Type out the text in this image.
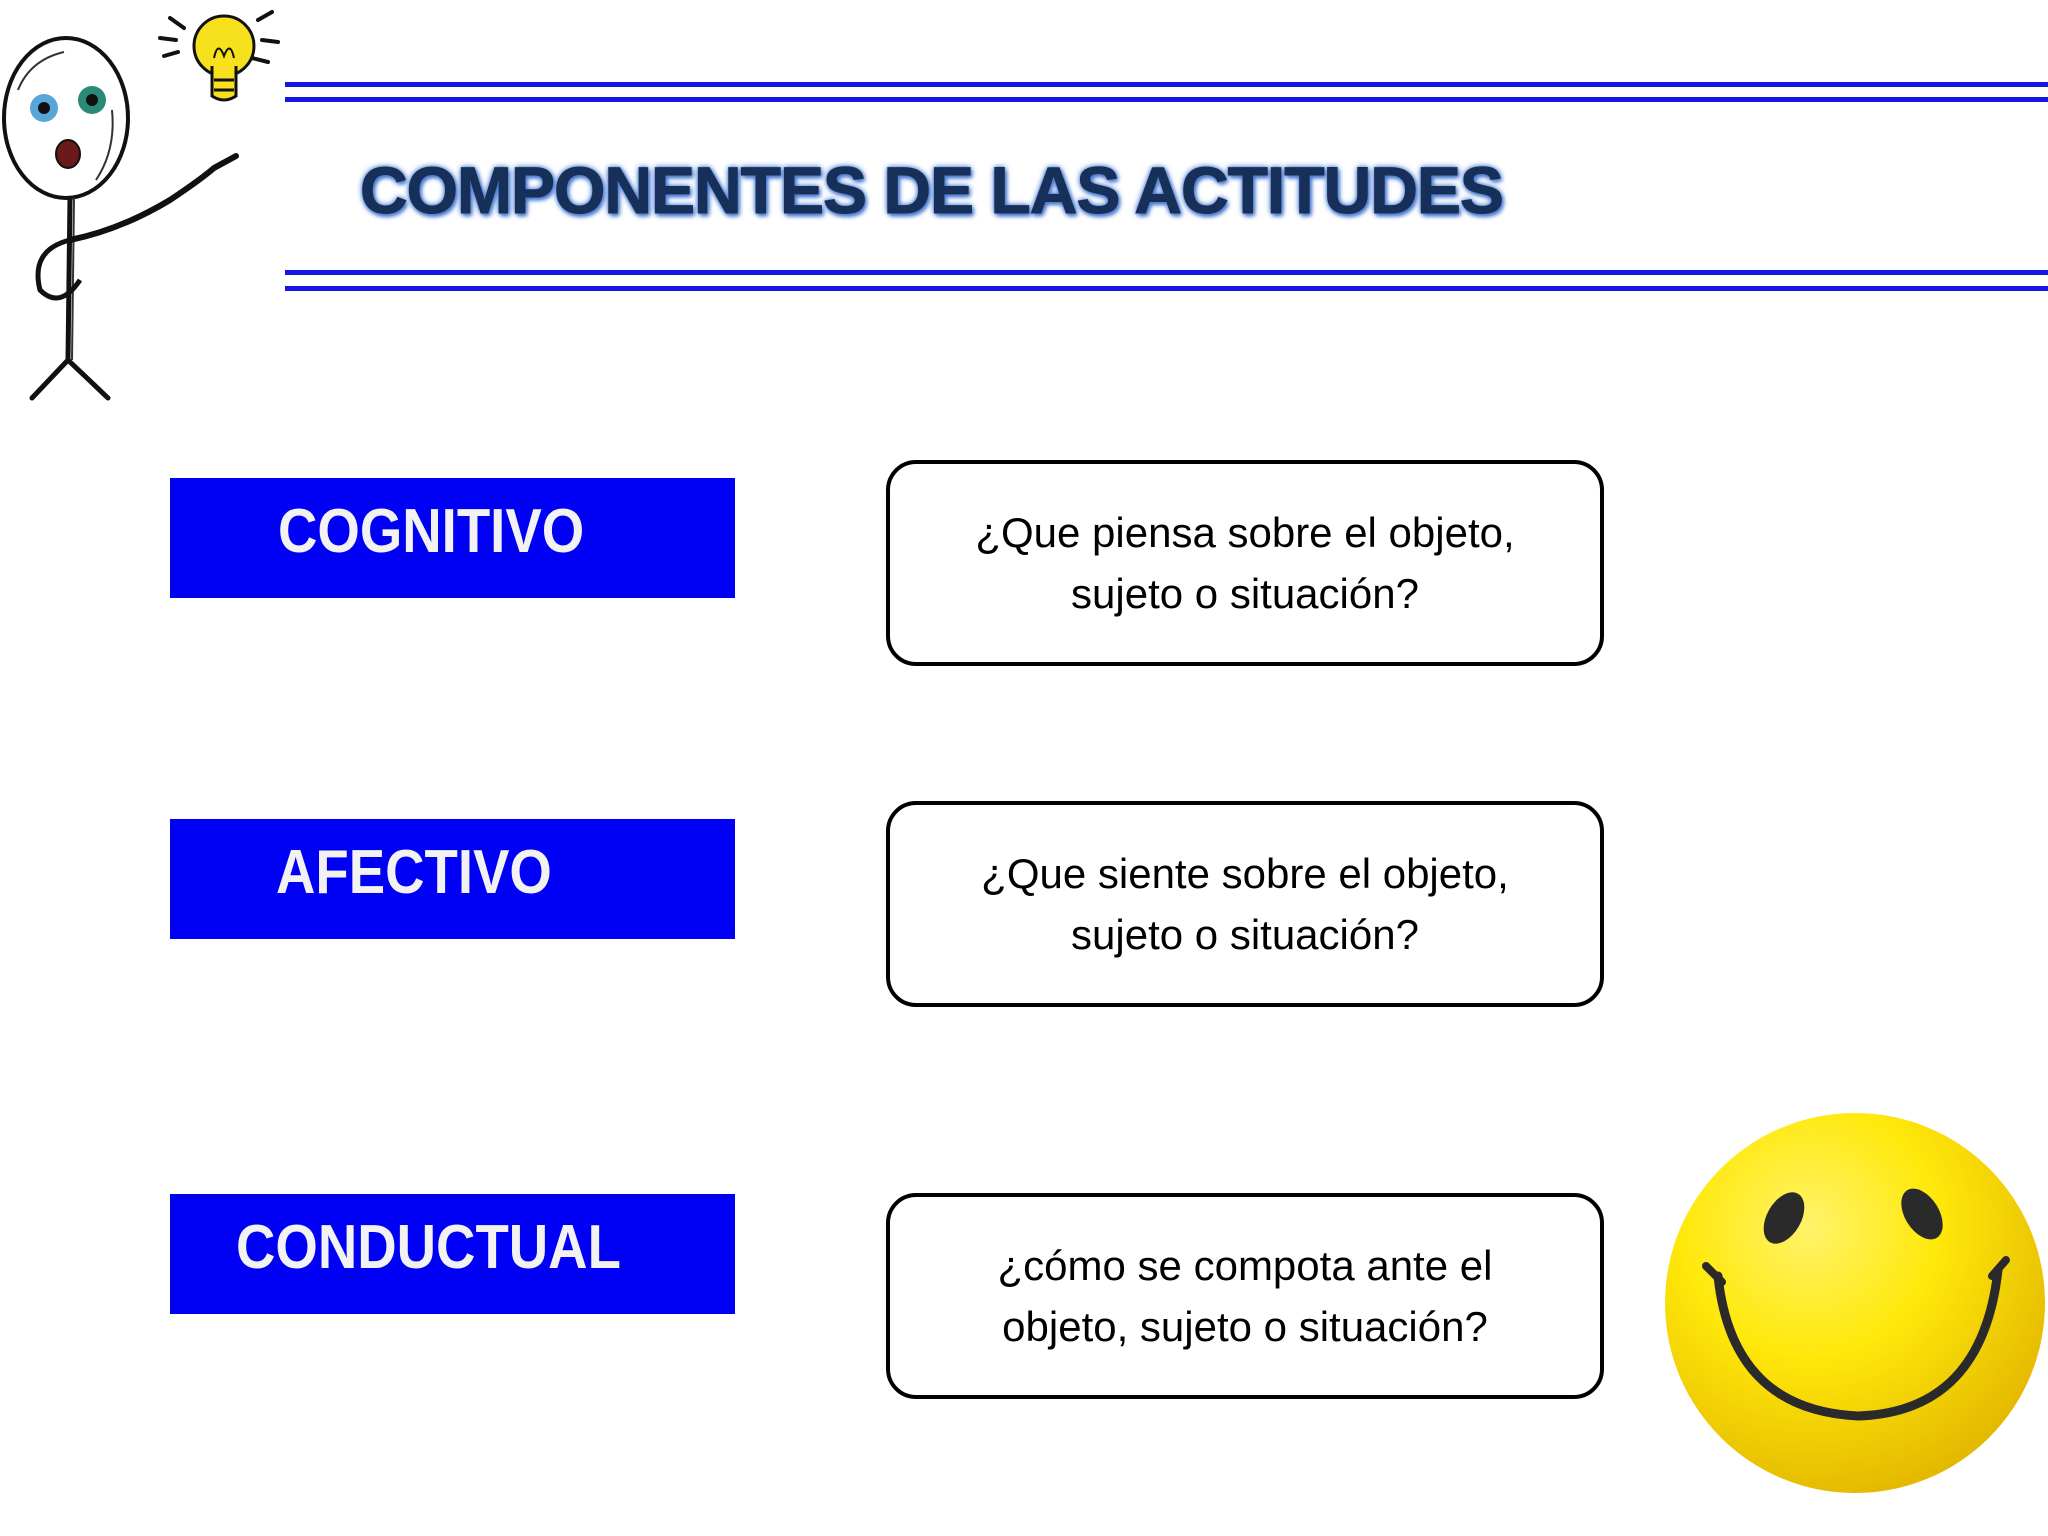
COMPONENTES DE LAS ACTITUDES
COGNITIVO	¿Que piensa sobre el objeto,
sujeto o situación?
AFECTIVO	¿Que siente sobre el objeto,
sujeto o situación?
CONDUCTUAL	¿cómo se compota ante el
objeto, sujeto o situación?
